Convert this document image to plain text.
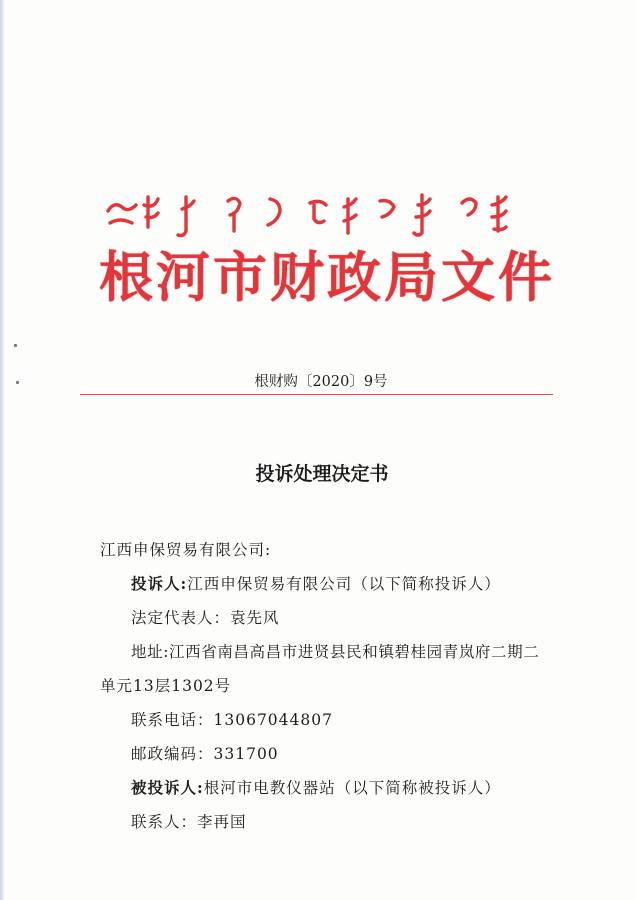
根河市财政局文件
根财购〔2020〕9号
投诉处理决定书
江西申保贸易有限公司:
投诉人:江西申保贸易有限公司（以下简称投诉人）
法定代表人：袁先风
地址:江西省南昌高昌市进贤县民和镇碧桂园青岚府二期二
单元13层1302号
联系电话：13067044807
邮政编码：331700
被投诉人:根河市电教仪器站（以下简称被投诉人）
联系人：李再国
